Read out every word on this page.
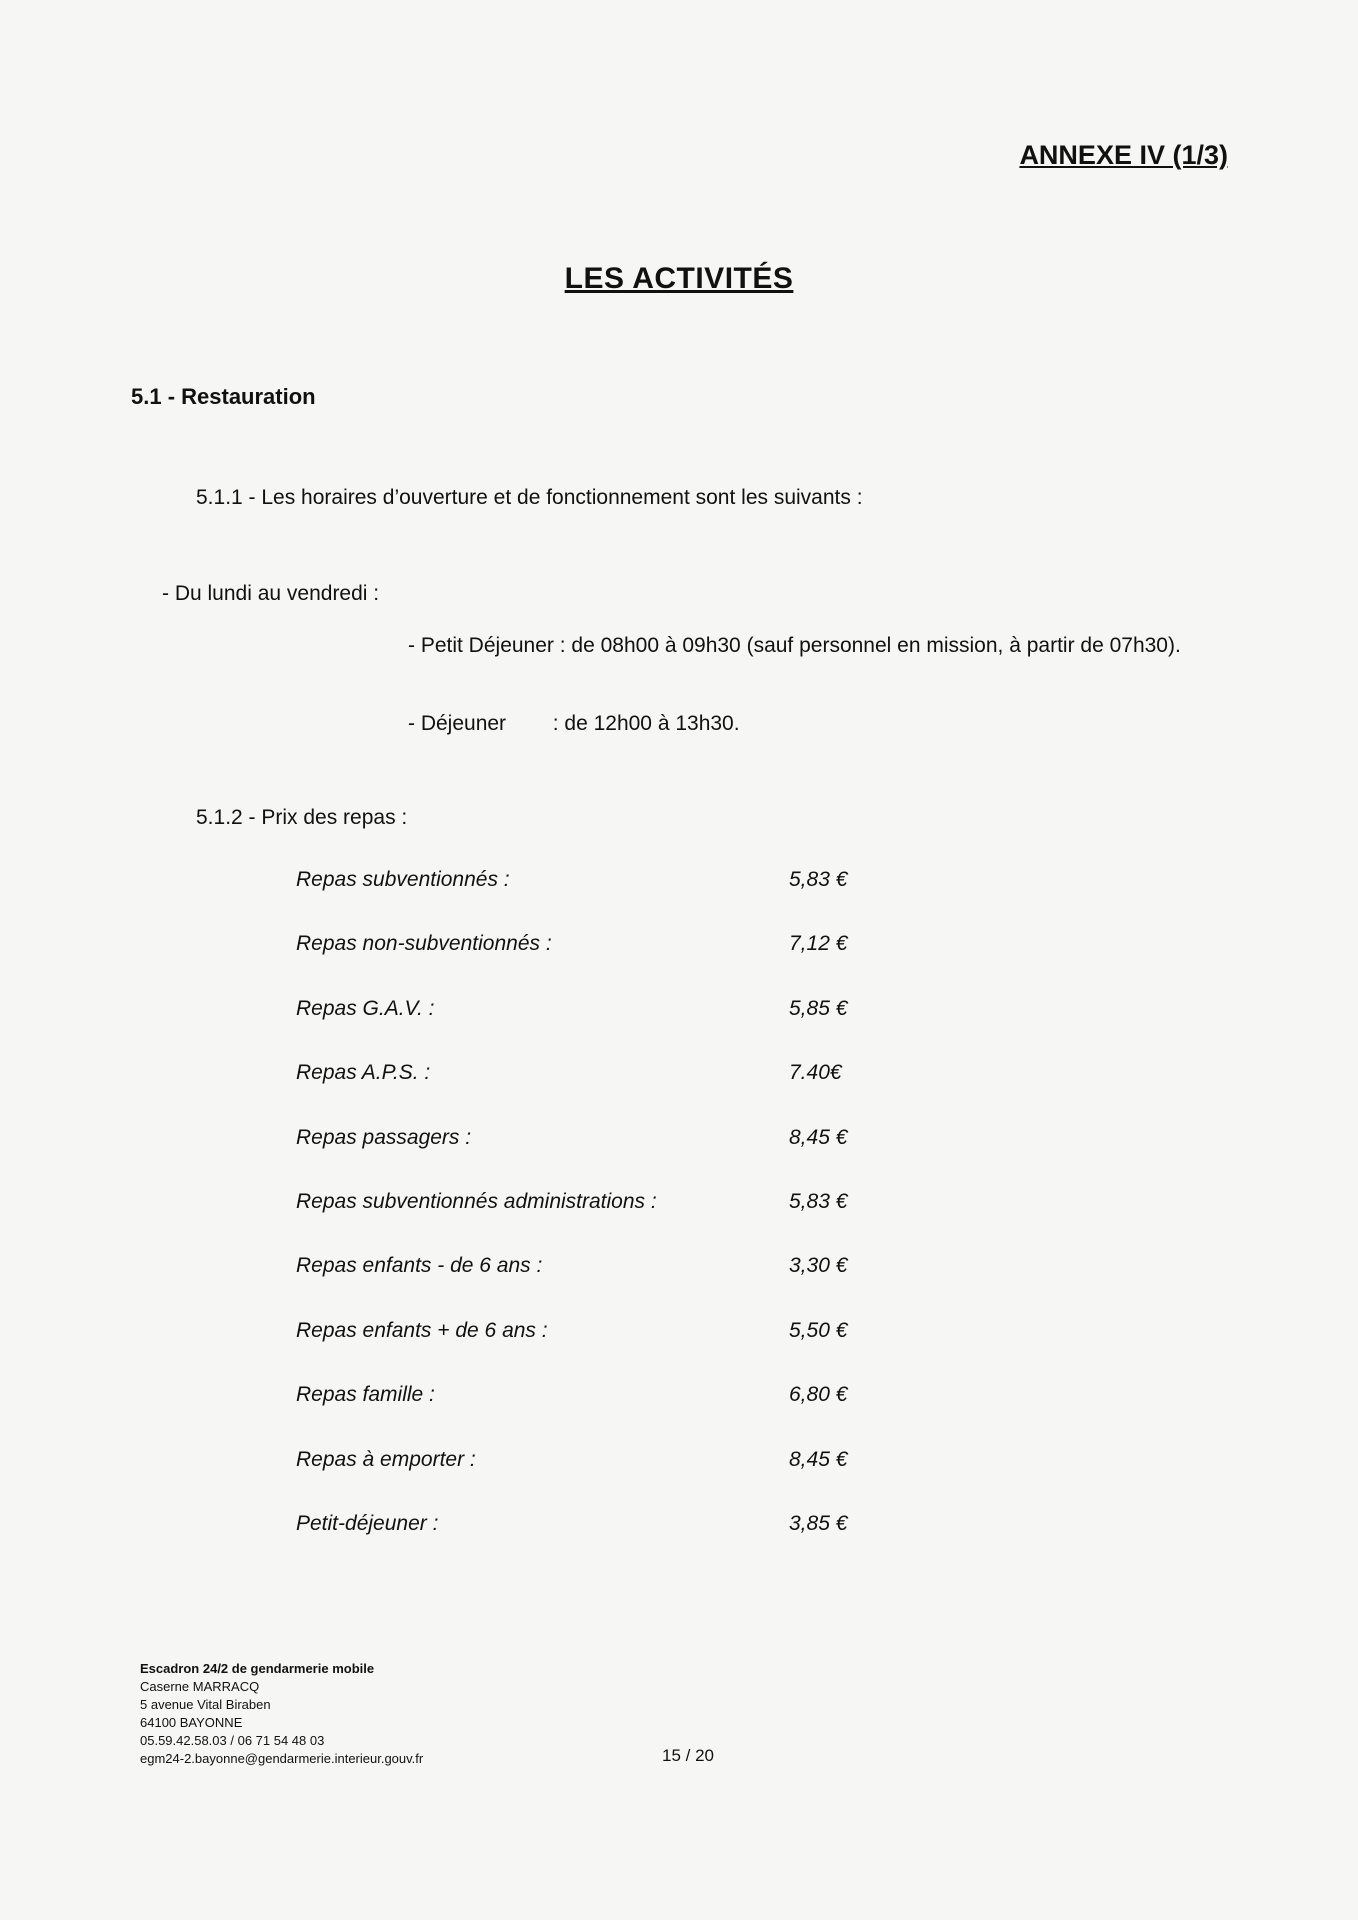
ANNEXE IV (1/3)
LES ACTIVITÉS
5.1 - Restauration
5.1.1 - Les horaires d’ouverture et de fonctionnement sont les suivants :
- Du lundi au vendredi :
- Petit Déjeuner : de 08h00 à 09h30 (sauf personnel en mission, à partir de 07h30).
- Déjeuner        : de 12h00 à 13h30.
5.1.2 - Prix des repas :
Repas subventionnés :	5,83 €
Repas non-subventionnés :	7,12 €
Repas G.A.V. :	5,85 €
Repas A.P.S. :	7.40€
Repas passagers :	8,45 €
Repas subventionnés administrations :	5,83 €
Repas enfants - de 6 ans :	3,30 €
Repas enfants + de 6 ans :	5,50 €
Repas famille :	6,80 €
Repas à emporter :	8,45 €
Petit-déjeuner :	3,85 €
Escadron 24/2 de gendarmerie mobile
Caserne MARRACQ
5 avenue Vital Biraben
64100 BAYONNE
05.59.42.58.03 / 06 71 54 48 03
egm24-2.bayonne@gendarmerie.interieur.gouv.fr	15 / 20
